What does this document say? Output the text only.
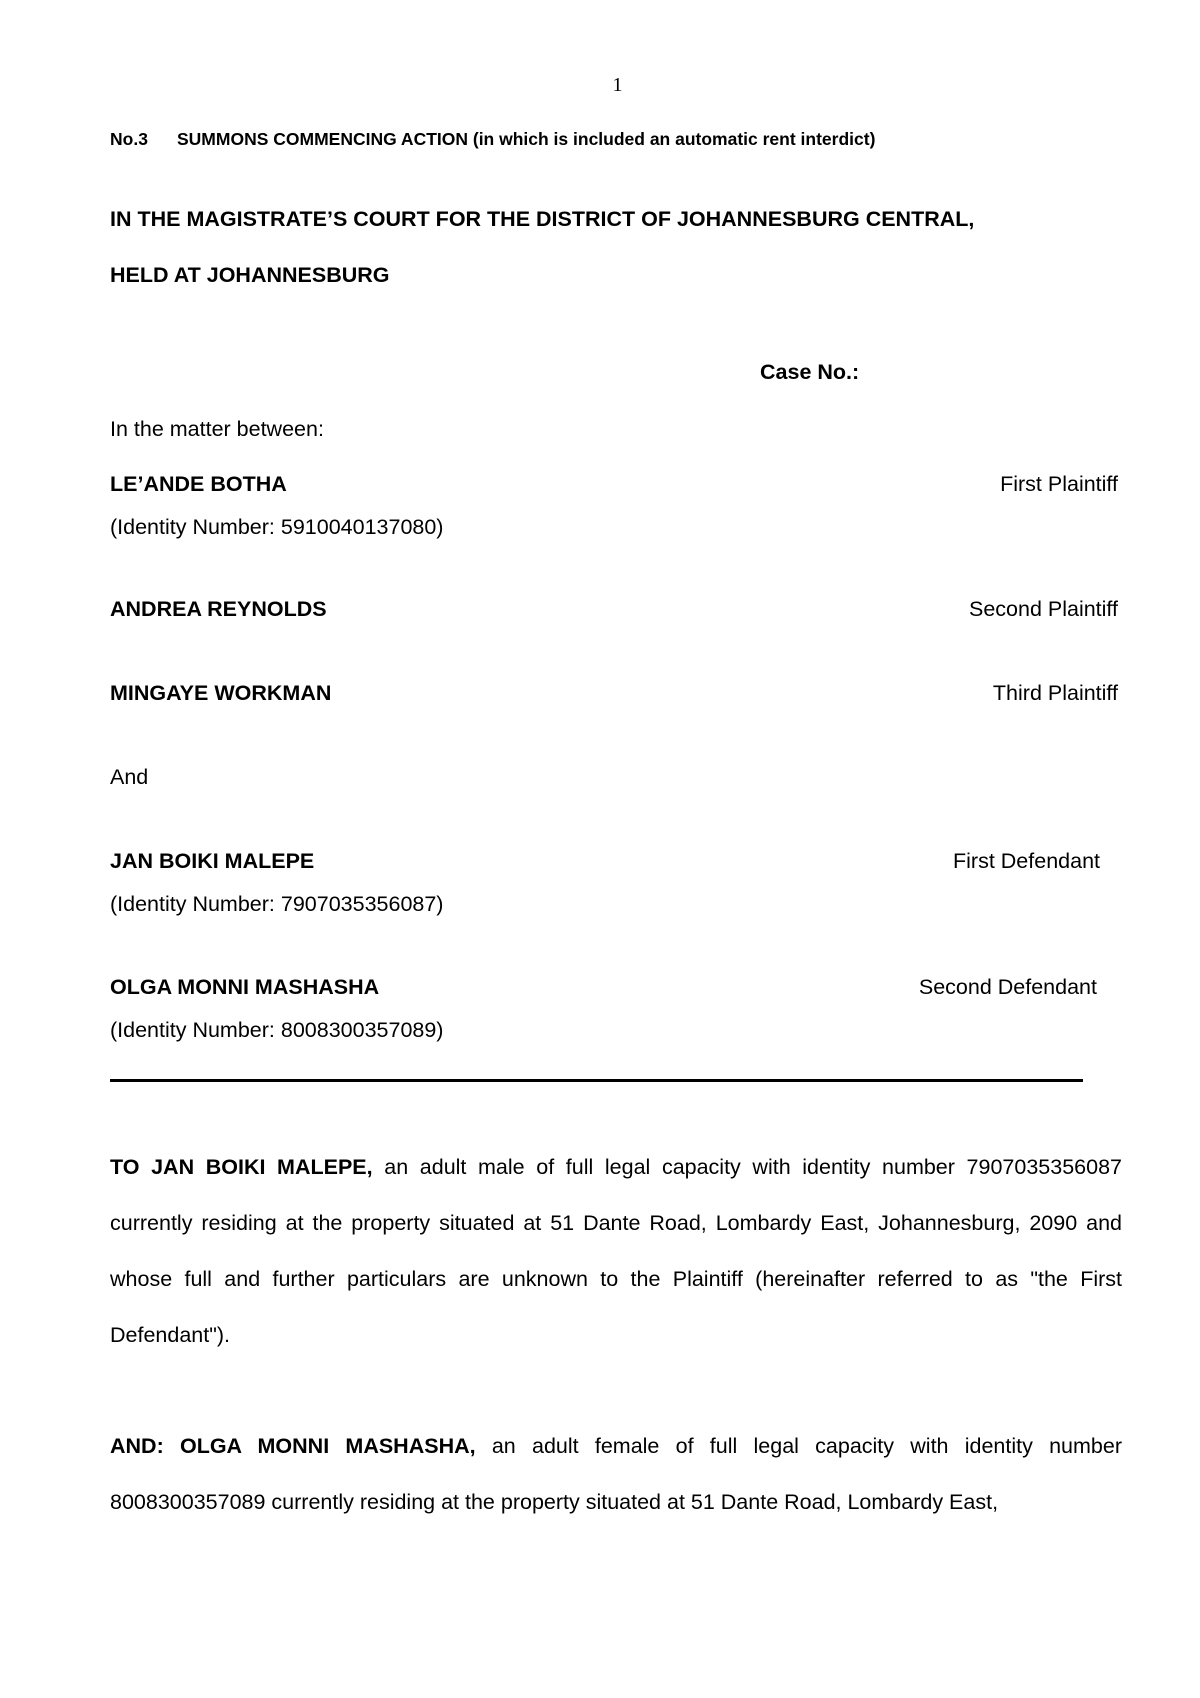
1
No.3 SUMMONS COMMENCING ACTION (in which is included an automatic rent interdict)
IN THE MAGISTRATE’S COURT FOR THE DISTRICT OF JOHANNESBURG CENTRAL,
HELD AT JOHANNESBURG
Case No.:
In the matter between:
LE’ANDE BOTHA	First Plaintiff
(Identity Number: 5910040137080)
ANDREA REYNOLDS	Second Plaintiff
MINGAYE WORKMAN	Third Plaintiff
And
JAN BOIKI MALEPE	First Defendant
(Identity Number: 7907035356087)
OLGA MONNI MASHASHA	Second Defendant
(Identity Number: 8008300357089)
TO JAN BOIKI MALEPE, an adult male of full legal capacity with identity number 7907035356087 currently residing at the property situated at 51 Dante Road, Lombardy East, Johannesburg, 2090 and whose full and further particulars are unknown to the Plaintiff (hereinafter referred to as "the First Defendant").
AND: OLGA MONNI MASHASHA, an adult female of full legal capacity with identity number 8008300357089 currently residing at the property situated at 51 Dante Road, Lombardy East,
